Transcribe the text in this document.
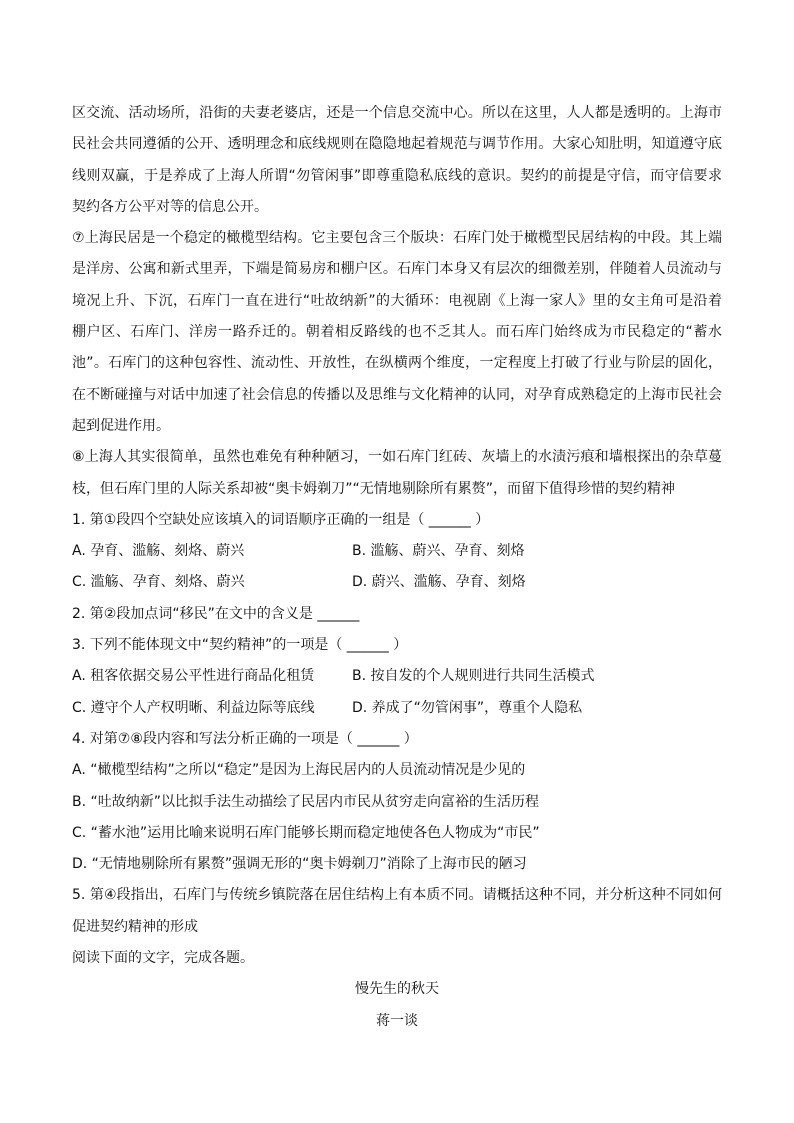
区交流、活动场所，沿街的夫妻老婆店，还是一个信息交流中心。所以在这里，人人都是透明的。上海市
民社会共同遵循的公开、透明理念和底线规则在隐隐地起着规范与调节作用。大家心知肚明，知道遵守底
线则双赢，于是养成了上海人所谓“勿管闲事”即尊重隐私底线的意识。契约的前提是守信，而守信要求
契约各方公平对等的信息公开。
⑦上海民居是一个稳定的橄榄型结构。它主要包含三个版块：石库门处于橄榄型民居结构的中段。其上端
是洋房、公寓和新式里弄，下端是简易房和棚户区。石库门本身又有层次的细微差别，伴随着人员流动与
境况上升、下沉，石库门一直在进行“吐故纳新”的大循环：电视剧《上海一家人》里的女主角可是沿着
棚户区、石库门、洋房一路乔迁的。朝着相反路线的也不乏其人。而石库门始终成为市民稳定的“蓄水
池”。石库门的这种包容性、流动性、开放性，在纵横两个维度，一定程度上打破了行业与阶层的固化，
在不断碰撞与对话中加速了社会信息的传播以及思维与文化精神的认同，对孕育成熟稳定的上海市民社会
起到促进作用。
⑧上海人其实很简单，虽然也难免有种种陋习，一如石库门红砖、灰墙上的水渍污痕和墙根探出的杂草蔓
枝，但石库门里的人际关系却被“奥卡姆剃刀”“无情地剔除所有累赘”，而留下值得珍惜的契约精神
1. 第①段四个空缺处应该填入的词语顺序正确的一组是（ ______ ）
A. 孕育、滥觞、刻烙、蔚兴	B. 滥觞、蔚兴、孕育、刻烙
C. 滥觞、孕育、刻烙、蔚兴	D. 蔚兴、滥觞、孕育、刻烙
2. 第②段加点词“移民”在文中的含义是 ______
3. 下列不能体现文中“契约精神”的一项是（ ______ ）
A. 租客依据交易公平性进行商品化租赁	B. 按自发的个人规则进行共同生活模式
C. 遵守个人产权明晰、利益边际等底线	D. 养成了“勿管闲事”，尊重个人隐私
4. 对第⑦⑧段内容和写法分析正确的一项是（ ______ ）
A. “橄榄型结构”之所以“稳定”是因为上海民居内的人员流动情况是少见的
B. “吐故纳新”以比拟手法生动描绘了民居内市民从贫穷走向富裕的生活历程
C. “蓄水池”运用比喻来说明石库门能够长期而稳定地使各色人物成为“市民”
D. “无情地剔除所有累赘”强调无形的“奥卡姆剃刀”消除了上海市民的陋习
5. 第④段指出，石库门与传统乡镇院落在居住结构上有本质不同。请概括这种不同，并分析这种不同如何
促进契约精神的形成
阅读下面的文字，完成各题。
慢先生的秋天
蒋一谈
